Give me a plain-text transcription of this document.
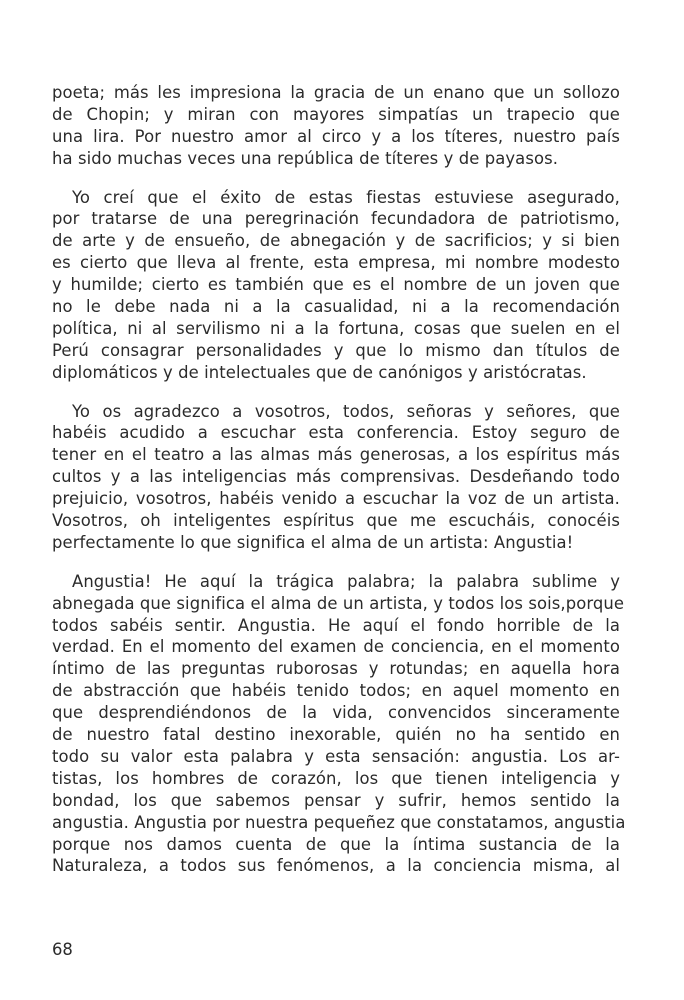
poeta; más les impresiona la gracia de un enano que un sollozo
de Chopin; y miran con mayores simpatías un trapecio que
una lira. Por nuestro amor al circo y a los títeres, nuestro país
ha sido muchas veces una república de títeres y de payasos.

Yo creí que el éxito de estas fiestas estuviese asegurado,
por tratarse de una peregrinación fecundadora de patriotismo,
de arte y de ensueño, de abnegación y de sacrificios; y si bien
es cierto que lleva al frente, esta empresa, mi nombre modesto
y humilde; cierto es también que es el nombre de un joven que
no le debe nada ni a la casualidad, ni a la recomendación
política, ni al servilismo ni a la fortuna, cosas que suelen en el
Perú consagrar personalidades y que lo mismo dan títulos de
diplomáticos y de intelectuales que de canónigos y aristócratas.

Yo os agradezco a vosotros, todos, señoras y señores, que
habéis acudido a escuchar esta conferencia. Estoy seguro de
tener en el teatro a las almas más generosas, a los espíritus más
cultos y a las inteligencias más comprensivas. Desdeñando todo
prejuicio, vosotros, habéis venido a escuchar la voz de un artista.
Vosotros, oh inteligentes espíritus que me escucháis, conocéis
perfectamente lo que significa el alma de un artista: Angustia!

Angustia! He aquí la trágica palabra; la palabra sublime y
abnegada que significa el alma de un artista, y todos los sois,porque
todos sabéis sentir. Angustia. He aquí el fondo horrible de la
verdad. En el momento del examen de conciencia, en el momento
íntimo de las preguntas ruborosas y rotundas; en aquella hora
de abstracción que habéis tenido todos; en aquel momento en
que desprendiéndonos de la vida, convencidos sinceramente
de nuestro fatal destino inexorable, quién no ha sentido en
todo su valor esta palabra y esta sensación: angustia. Los ar-
tistas, los hombres de corazón, los que tienen inteligencia y
bondad, los que sabemos pensar y sufrir, hemos sentido la
angustia. Angustia por nuestra pequeñez que constatamos, angustia
porque nos damos cuenta de que la íntima sustancia de la
Naturaleza, a todos sus fenómenos, a la conciencia misma, al

68
